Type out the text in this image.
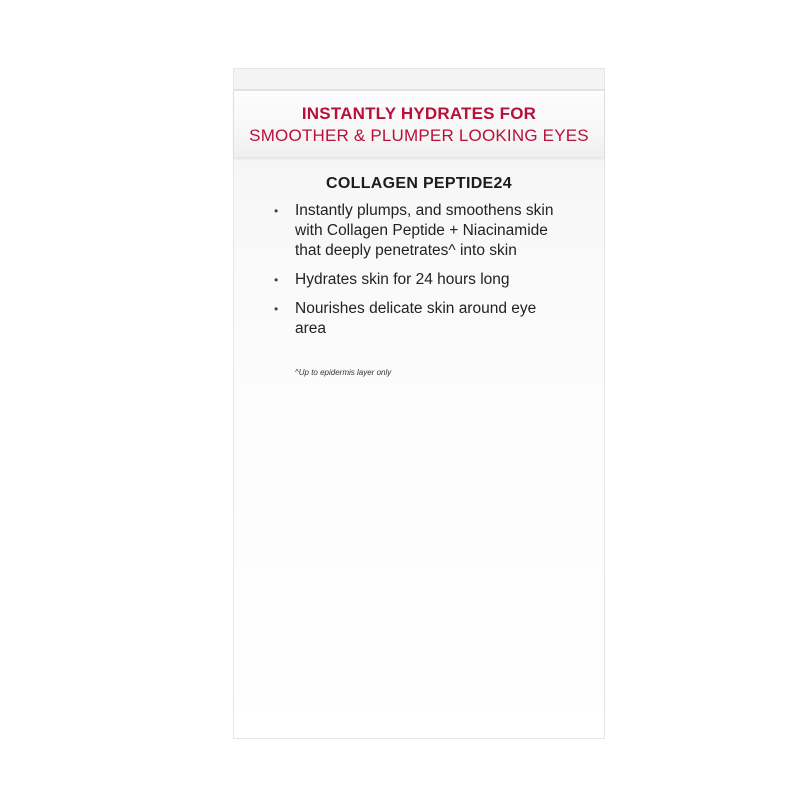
INSTANTLY HYDRATES FOR
SMOOTHER & PLUMPER LOOKING EYES
COLLAGEN PEPTIDE24
• Instantly plumps, and smoothens skin with Collagen Peptide + Niacinamide that deeply penetrates^ into skin
• Hydrates skin for 24 hours long
• Nourishes delicate skin around eye area
^Up to epidermis layer only
